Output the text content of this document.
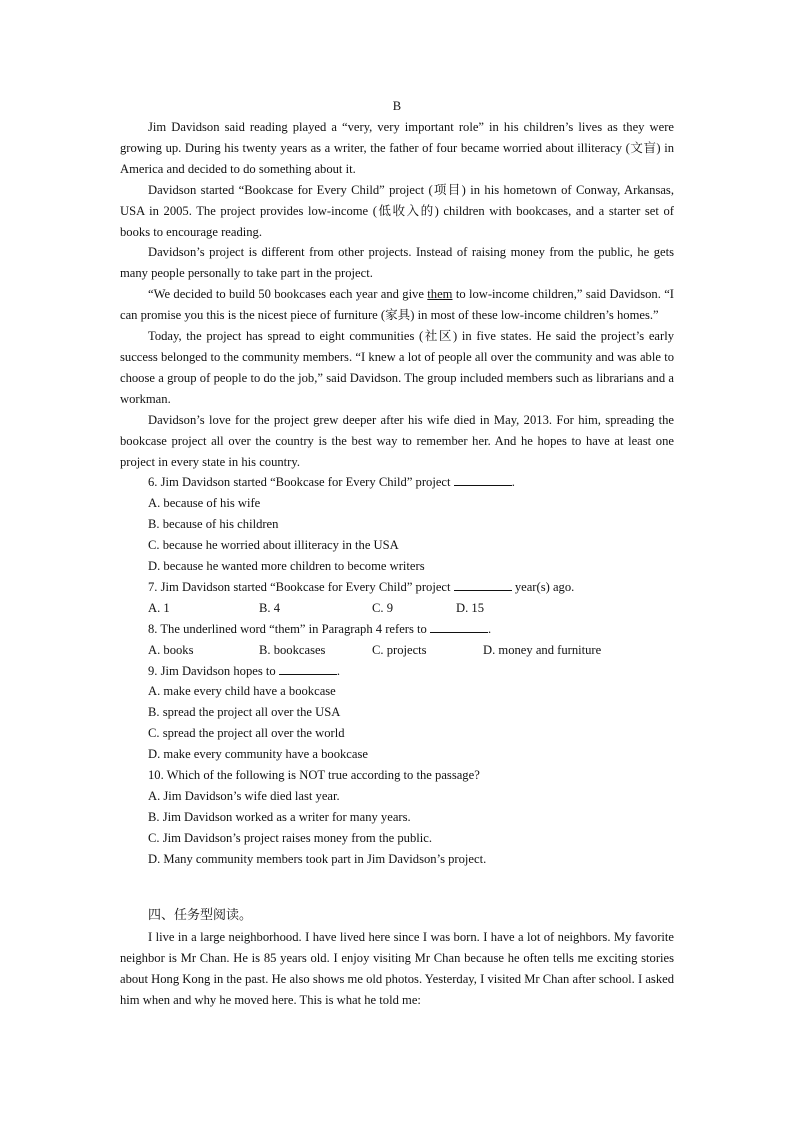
B

Jim Davidson said reading played a “very, very important role” in his children’s lives as they were growing up. During his twenty years as a writer, the father of four became worried about illiteracy (文盲) in America and decided to do something about it.

Davidson started “Bookcase for Every Child” project (项目) in his hometown of Conway, Arkansas, USA in 2005. The project provides low-income (低收入的) children with bookcases, and a starter set of books to encourage reading.

Davidson’s project is different from other projects. Instead of raising money from the public, he gets many people personally to take part in the project.

“We decided to build 50 bookcases each year and give them to low-income children,” said Davidson. “I can promise you this is the nicest piece of furniture (家具) in most of these low-income children’s homes.”

Today, the project has spread to eight communities (社区) in five states. He said the project’s early success belonged to the community members. “I knew a lot of people all over the community and was able to choose a group of people to do the job,” said Davidson. The group included members such as librarians and a workman.

Davidson’s love for the project grew deeper after his wife died in May, 2013. For him, spreading the bookcase project all over the country is the best way to remember her. And he hopes to have at least one project in every state in his country.

6. Jim Davidson started “Bookcase for Every Child” project	.

A. because of his wife

B. because of his children

C. because he worried about illiteracy in the USA

D. because he wanted more children to become writers

7. Jim Davidson started “Bookcase for Every Child” project	year(s) ago.

A. 1	B. 4	C. 9	D. 15

8. The underlined word “them” in Paragraph 4 refers to	.

A. books	B. bookcases	C. projects	D. money and furniture

9. Jim Davidson hopes to	.

A. make every child have a bookcase

B. spread the project all over the USA

C. spread the project all over the world

D. make every community have a bookcase

10. Which of the following is NOT true according to the passage?

A. Jim Davidson’s wife died last year.

B. Jim Davidson worked as a writer for many years.

C. Jim Davidson’s project raises money from the public.

D. Many community members took part in Jim Davidson’s project.

四、任务型阅读。

I live in a large neighborhood. I have lived here since I was born. I have a lot of neighbors. My favorite neighbor is Mr Chan. He is 85 years old. I enjoy visiting Mr Chan because he often tells me exciting stories about Hong Kong in the past. He also shows me old photos. Yesterday, I visited Mr Chan after school. I asked him when and why he moved here. This is what he told me:
